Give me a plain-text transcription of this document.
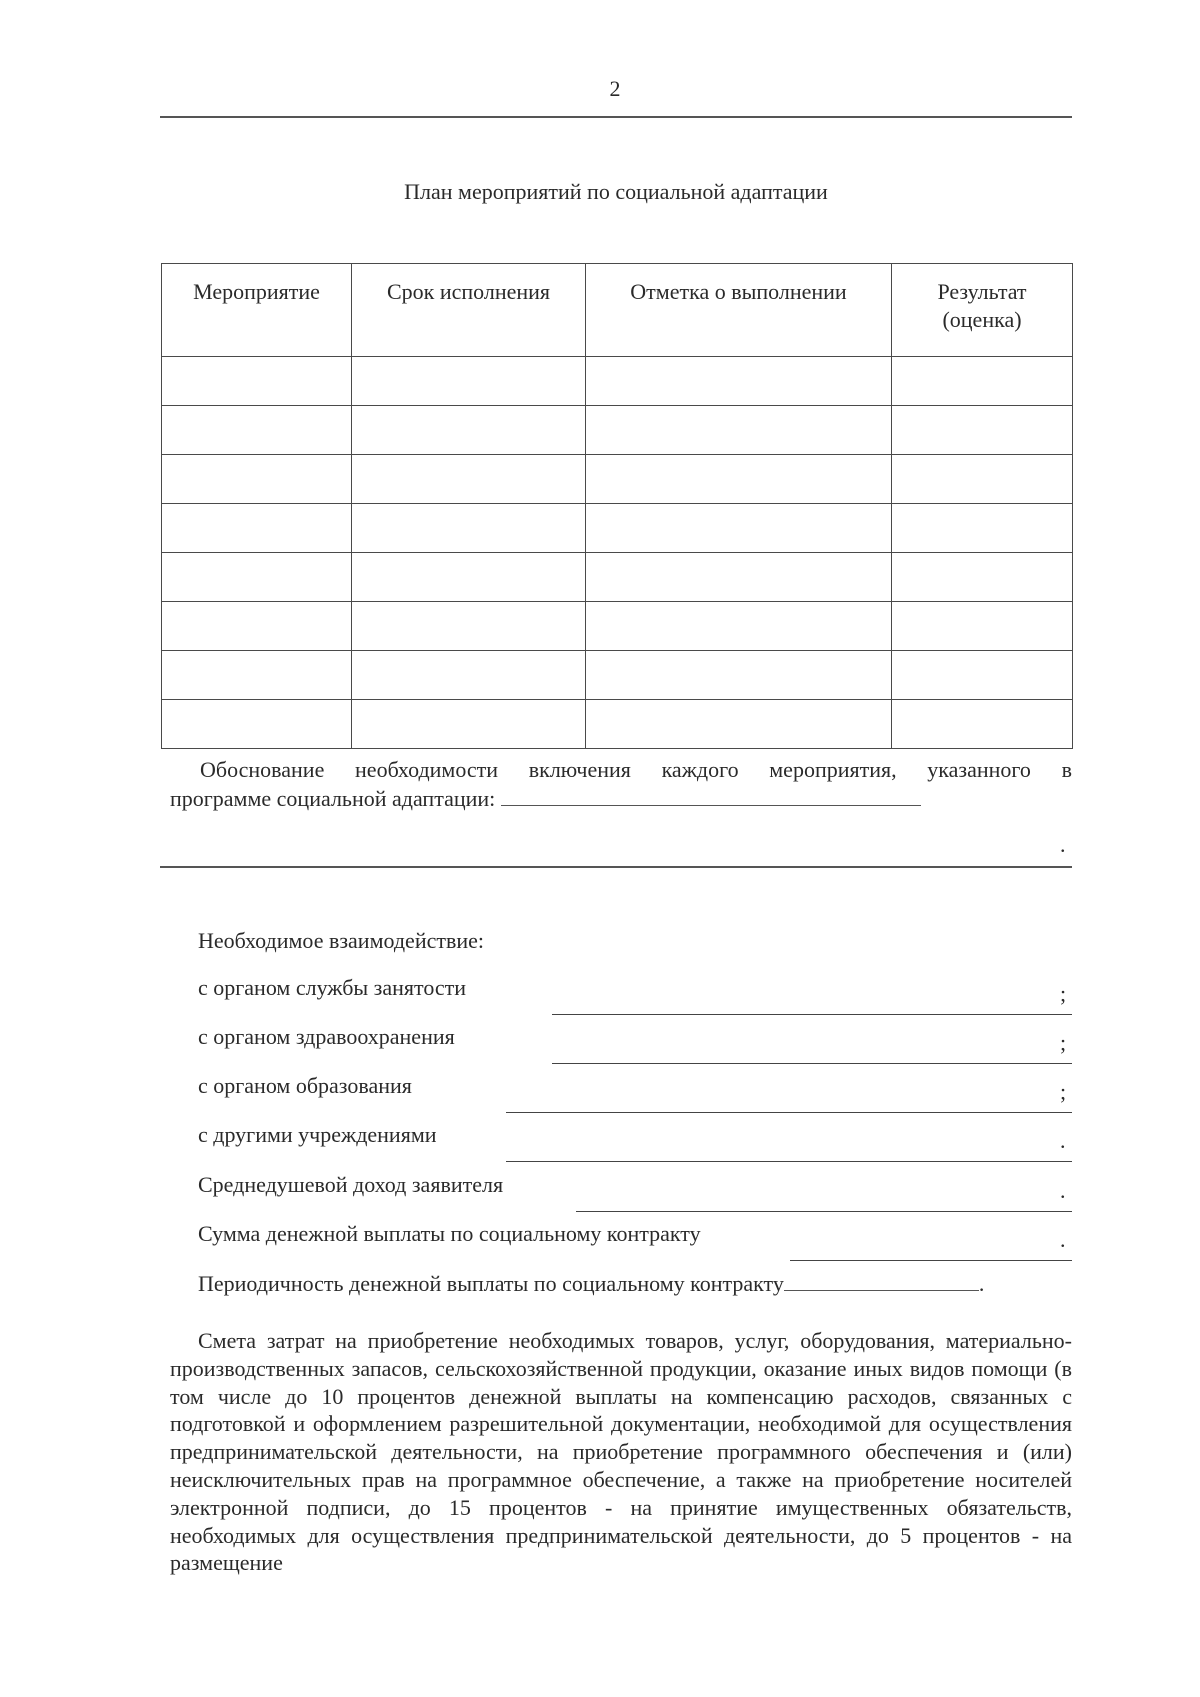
2
План мероприятий по социальной адаптации
Мероприятие	Срок исполнения	Отметка о выполнении	Результат (оценка)

Обоснование необходимости включения каждого мероприятия, указанного в
программе социальной адаптации:
.
Необходимое взаимодействие:
с органом службы занятости	;
с органом здравоохранения	;
с органом образования	;
с другими учреждениями	.
Среднедушевой доход заявителя	.
Сумма денежной выплаты по социальному контракту	.
Периодичность денежной выплаты по социальному контракту	.
Смета затрат на приобретение необходимых товаров, услуг, оборудования, материально-производственных запасов, сельскохозяйственной продукции, оказание иных видов помощи (в том числе до 10 процентов денежной выплаты на компенсацию расходов, связанных с подготовкой и оформлением разрешительной документации, необходимой для осуществления предпринимательской деятельности, на приобретение программного обеспечения и (или) неисключительных прав на программное обеспечение, а также на приобретение носителей электронной подписи, до 15 процентов - на принятие имущественных обязательств, необходимых для осуществления предпринимательской деятельности, до 5 процентов - на размещение
